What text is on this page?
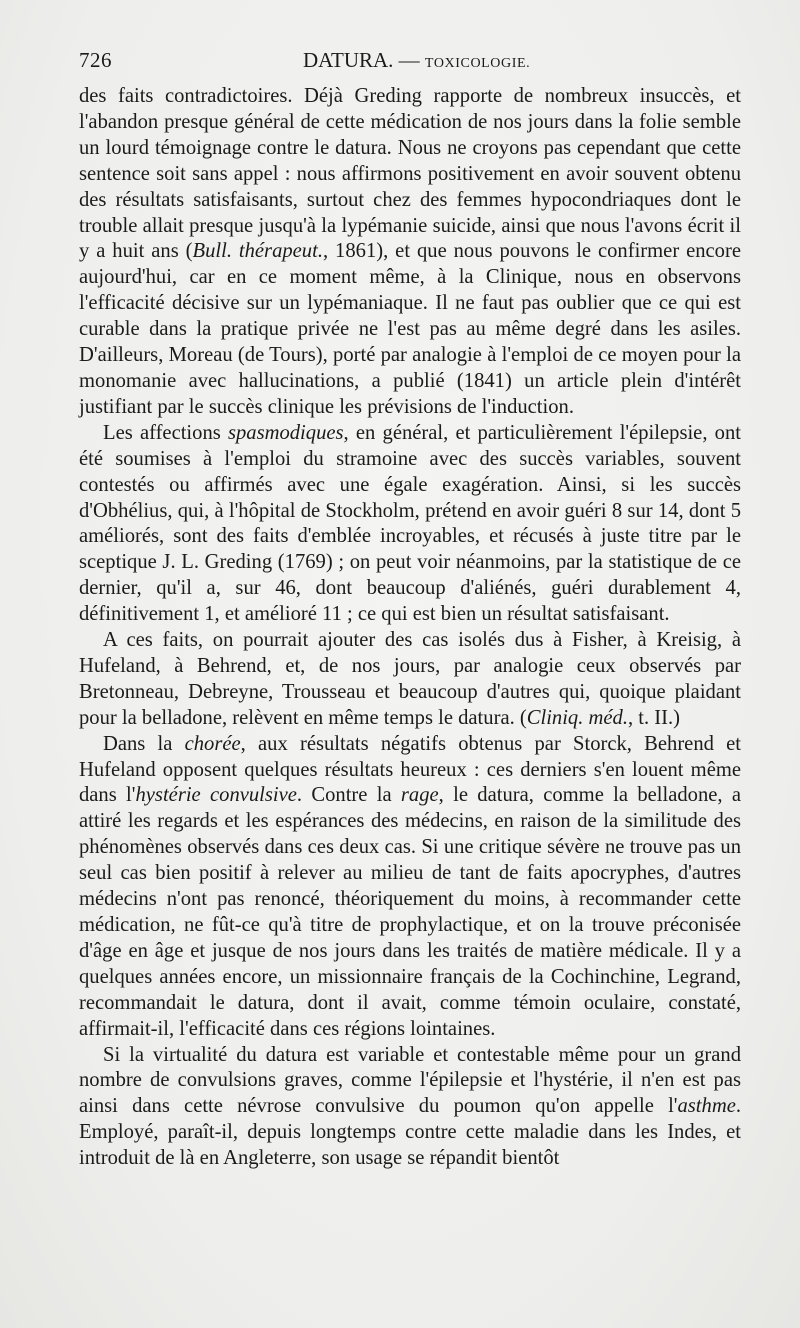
726	DATURA. — TOXICOLOGIE.

des faits contradictoires. Déjà Greding rapporte de nombreux insuccès, et l'abandon presque général de cette médication de nos jours dans la folie semble un lourd témoignage contre le datura. Nous ne croyons pas cependant que cette sentence soit sans appel : nous affirmons positivement en avoir souvent obtenu des résultats satisfaisants, surtout chez des femmes hypocondriaques dont le trouble allait presque jusqu'à la lypémanie suicide, ainsi que nous l'avons écrit il y a huit ans (Bull. thérapeut., 1861), et que nous pouvons le confirmer encore aujourd'hui, car en ce moment même, à la Clinique, nous en observons l'efficacité décisive sur un lypémaniaque. Il ne faut pas oublier que ce qui est curable dans la pratique privée ne l'est pas au même degré dans les asiles. D'ailleurs, Moreau (de Tours), porté par analogie à l'emploi de ce moyen pour la monomanie avec hallucinations, a publié (1841) un article plein d'intérêt justifiant par le succès clinique les prévisions de l'induction.

Les affections spasmodiques, en général, et particulièrement l'épilepsie, ont été soumises à l'emploi du stramoine avec des succès variables, souvent contestés ou affirmés avec une égale exagération. Ainsi, si les succès d'Obhélius, qui, à l'hôpital de Stockholm, prétend en avoir guéri 8 sur 14, dont 5 améliorés, sont des faits d'emblée incroyables, et récusés à juste titre par le sceptique J. L. Greding (1769) ; on peut voir néanmoins, par la statistique de ce dernier, qu'il a, sur 46, dont beaucoup d'aliénés, guéri durablement 4, définitivement 1, et amélioré 11 ; ce qui est bien un résultat satisfaisant.

A ces faits, on pourrait ajouter des cas isolés dus à Fisher, à Kreisig, à Hufeland, à Behrend, et, de nos jours, par analogie ceux observés par Bretonneau, Debreyne, Trousseau et beaucoup d'autres qui, quoique plaidant pour la belladone, relèvent en même temps le datura. (Cliniq. méd., t. II.)

Dans la chorée, aux résultats négatifs obtenus par Storck, Behrend et Hufeland opposent quelques résultats heureux : ces derniers s'en louent même dans l'hystérie convulsive. Contre la rage, le datura, comme la belladone, a attiré les regards et les espérances des médecins, en raison de la similitude des phénomènes observés dans ces deux cas. Si une critique sévère ne trouve pas un seul cas bien positif à relever au milieu de tant de faits apocryphes, d'autres médecins n'ont pas renoncé, théoriquement du moins, à recommander cette médication, ne fût-ce qu'à titre de prophylactique, et on la trouve préconisée d'âge en âge et jusque de nos jours dans les traités de matière médicale. Il y a quelques années encore, un missionnaire français de la Cochinchine, Legrand, recommandait le datura, dont il avait, comme témoin oculaire, constaté, affirmait-il, l'efficacité dans ces régions lointaines.

Si la virtualité du datura est variable et contestable même pour un grand nombre de convulsions graves, comme l'épilepsie et l'hystérie, il n'en est pas ainsi dans cette névrose convulsive du poumon qu'on appelle l'asthme. Employé, paraît-il, depuis longtemps contre cette maladie dans les Indes, et introduit de là en Angleterre, son usage se répandit bientôt
